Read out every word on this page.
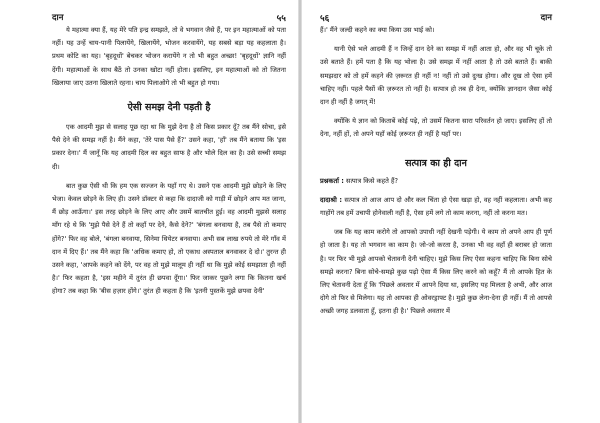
दान	५५

ये महात्मा क्या हैं, यह मेरे पति इन्द्र समझते, तो वे भगवान जैसे हैं, पर इन महात्माओं को पता नहीं। यह उन्हें चाय-पानी पिलायेंगे, खिलायेंगे, भोजन करवायेंगे, यह सबसे बड़ा यह कहलाता है। प्रथम कोटि का यह। 'बृहदूधों' बेचकर भोजन करायेंगे न तो भी बहुत अच्छा! 'बृहदूधों' ज्ञानि नहीं देंगी। महात्माओं के साथ बैठें तो उनका खोटा नहीं होता। इसलिए, इन महात्माओं को तो जितना खिलाया जाए उतना खिलाते रहना। चाय पिलाओगे तो भी बहुत हो गया।

ऐसी समझ देनी पड़ती है

एक आदमी मुझ से सलाह पूछ रहा था कि मुझे देना है तो किस प्रकार दूँ? तब मैंने सोचा, इसे पैसे देने की समझ नहीं है। मैंने कहा, 'तेरे पास पैसे हैं?' उसने कहा, 'हाँ' तब मैंने बताया कि 'इस प्रकार देना।' मैं जानूँ कि यह आदमी दिल का बहुत साफ है और भोले दिल का है। उसे सच्ची समझ दी।

बात कुछ ऐसी थी कि हम एक सज्जन के यहाँ गए थे। उसने एक आदमी मुझे छोड़ने के लिए भेजा। केवल छोड़ने के लिए ही। उसने डॉक्टर से कहा कि दादाजी को गाड़ी में छोड़ने आप मत जाना, मैं छोड़ आऊँगा।' इस तरह छोड़ने के लिए आए और उसमें बातचीत हुई। वह आदमी मुझसे सलाह माँग रहे थे कि 'मुझे पैसे देने हैं तो कहाँ पर देने, कैसे देने?' 'बंगला बनवाया है, तब पैसे तो कमाए होंगे?' फिर वह बोले, 'बंगला बनवाया, सिनेमा थियेटर बनवाया। अभी सब लाख रुपये तो मेरे गाँव में दान में दिए हैं।' तब मैंने कहा कि 'अधिक कमाए हो, तो एकाध अस्पताल बनवाकर दे दो।' तुरन्त ही उसने कहा, 'आपके कहने को देंगे, पर वह तो मुझे मालूम ही नहीं था कि मुझे कोई समझाता ही नहीं है।' फिर कहता है, 'इस महीने में तुरंत ही छपवा दूँगा।' फिर जाकर पूछने लगा कि कितना खर्च होगा? तब कहा कि 'बीस हज़ार होंगे।' तुरंत ही कहता है कि 'इतनी पुस्तकें मुझे छपवा देनी'

५६	दान

हैं।' मैंने जल्दी कहने का क्या किया उस भाई को।

यानी ऐसे भले आदमी हैं न जिन्हें दान देने का समझ में नहीं आता हो, और वह भी चूके तो उसे बताते हैं। हमें पता है कि यह भोला है। उसे समझ में नहीं आता है तो उसे बताते हैं। बाकी समझदार को तो हमें कहने की ज़रूरत ही नहीं न! नहीं तो उसे दुःख होगा। और दूख तो ऐसा हमें चाहिए नहीं। पहले पैसों की ज़रूरत तो नहीं है। सत्पात्र हो तब ही देना, क्योंकि ज्ञानदान जैसा कोई दान ही नहीं है जगत् में!

क्योंकि ये ज्ञान को किताबें कोई पढ़े, तो उसमें कितना सारा परिवर्तन हो जाए। इसलिए हों तो देना, नहीं हों, तो अपने यहाँ कोई ज़रूरत ही नहीं है यहाँ पर।

सत्पात्र का ही दान
प्रश्नकर्ता : सत्पात्र किसे कहते हैं?
दादाश्री : सत्पात्र तो आज आप दो और कल चिंता हो ऐसा खड़ा हो, वह नहीं कहलाता। अभी कह गाहोंगे तब हमें उचापी होनेवाली नहीं है, ऐसा हमें लगे तो काम करना, नहीं तो करना मत।

जब कि यह काम करोगे तो आपको उपाधी नहीं देखनी पड़ेगी। ये काम तो अपने आप ही पूर्ण हो जाता है। यह तो भगवान का काम है। जो-जो करता है, उनका भी वह वहाँ ही बराबर हो जाता है। पर फिर भी मुझे आपको चेतावनी देनी चाहिए। मुझे किस लिए ऐसा कहना चाहिए कि बिना सोचे समझे करना? बिना सोचे-समझे कुछ पढ़ो ऐसा मैं किस लिए करने को कहूँ? मैं तो आपके हित के लिए चेतावनी देता हूँ कि 'पिछले अवतार में आपने दिया था, इसलिए यह मिलता है अभी, और आज दोगे तो फिर से मिलेगा। यह तो आपका ही ओवरड्राफ्ट है। मुझे कुछ लेना-देना ही नहीं। मैं तो आपसे अच्छी जगह डलवाता हूँ, इतना ही है।' पिछले अवतार में
